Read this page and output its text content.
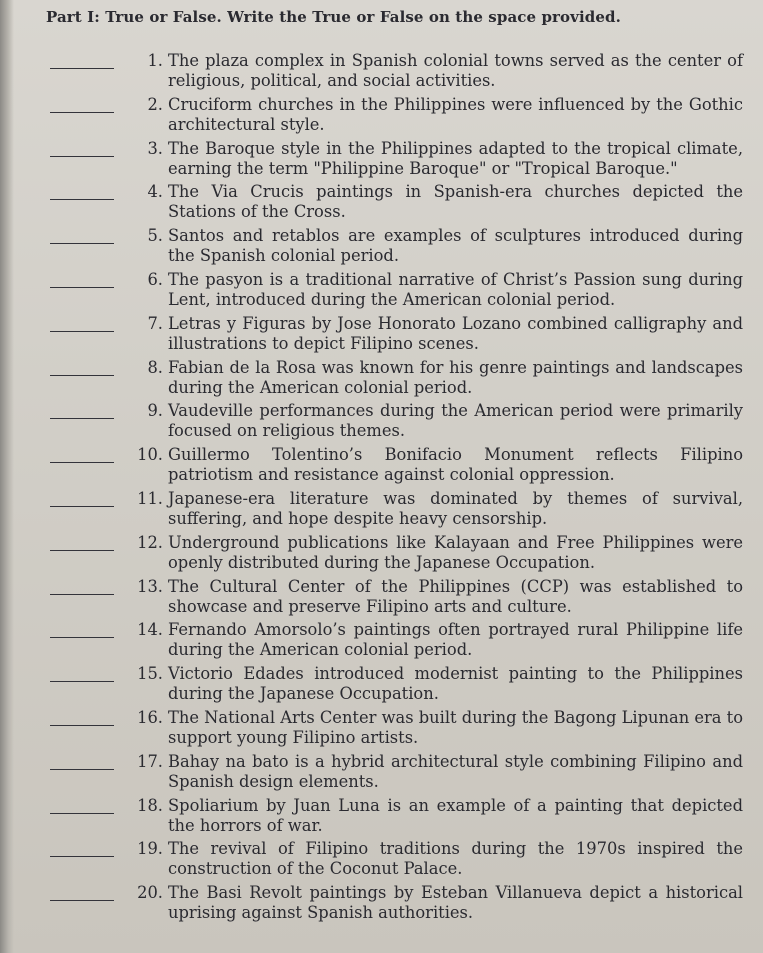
Part I: True or False. Write the True or False on the space provided.
1. The plaza complex in Spanish colonial towns served as the center of religious, political, and social activities.
2. Cruciform churches in the Philippines were influenced by the Gothic architectural style.
3. The Baroque style in the Philippines adapted to the tropical climate, earning the term "Philippine Baroque" or "Tropical Baroque."
4. The Via Crucis paintings in Spanish-era churches depicted the Stations of the Cross.
5. Santos and retablos are examples of sculptures introduced during the Spanish colonial period.
6. The pasyon is a traditional narrative of Christ’s Passion sung during Lent, introduced during the American colonial period.
7. Letras y Figuras by Jose Honorato Lozano combined calligraphy and illustrations to depict Filipino scenes.
8. Fabian de la Rosa was known for his genre paintings and landscapes during the American colonial period.
9. Vaudeville performances during the American period were primarily focused on religious themes.
10. Guillermo Tolentino’s Bonifacio Monument reflects Filipino patriotism and resistance against colonial oppression.
11. Japanese-era literature was dominated by themes of survival, suffering, and hope despite heavy censorship.
12. Underground publications like Kalayaan and Free Philippines were openly distributed during the Japanese Occupation.
13. The Cultural Center of the Philippines (CCP) was established to showcase and preserve Filipino arts and culture.
14. Fernando Amorsolo’s paintings often portrayed rural Philippine life during the American colonial period.
15. Victorio Edades introduced modernist painting to the Philippines during the Japanese Occupation.
16. The National Arts Center was built during the Bagong Lipunan era to support young Filipino artists.
17. Bahay na bato is a hybrid architectural style combining Filipino and Spanish design elements.
18. Spoliarium by Juan Luna is an example of a painting that depicted the horrors of war.
19. The revival of Filipino traditions during the 1970s inspired the construction of the Coconut Palace.
20. The Basi Revolt paintings by Esteban Villanueva depict a historical uprising against Spanish authorities.
